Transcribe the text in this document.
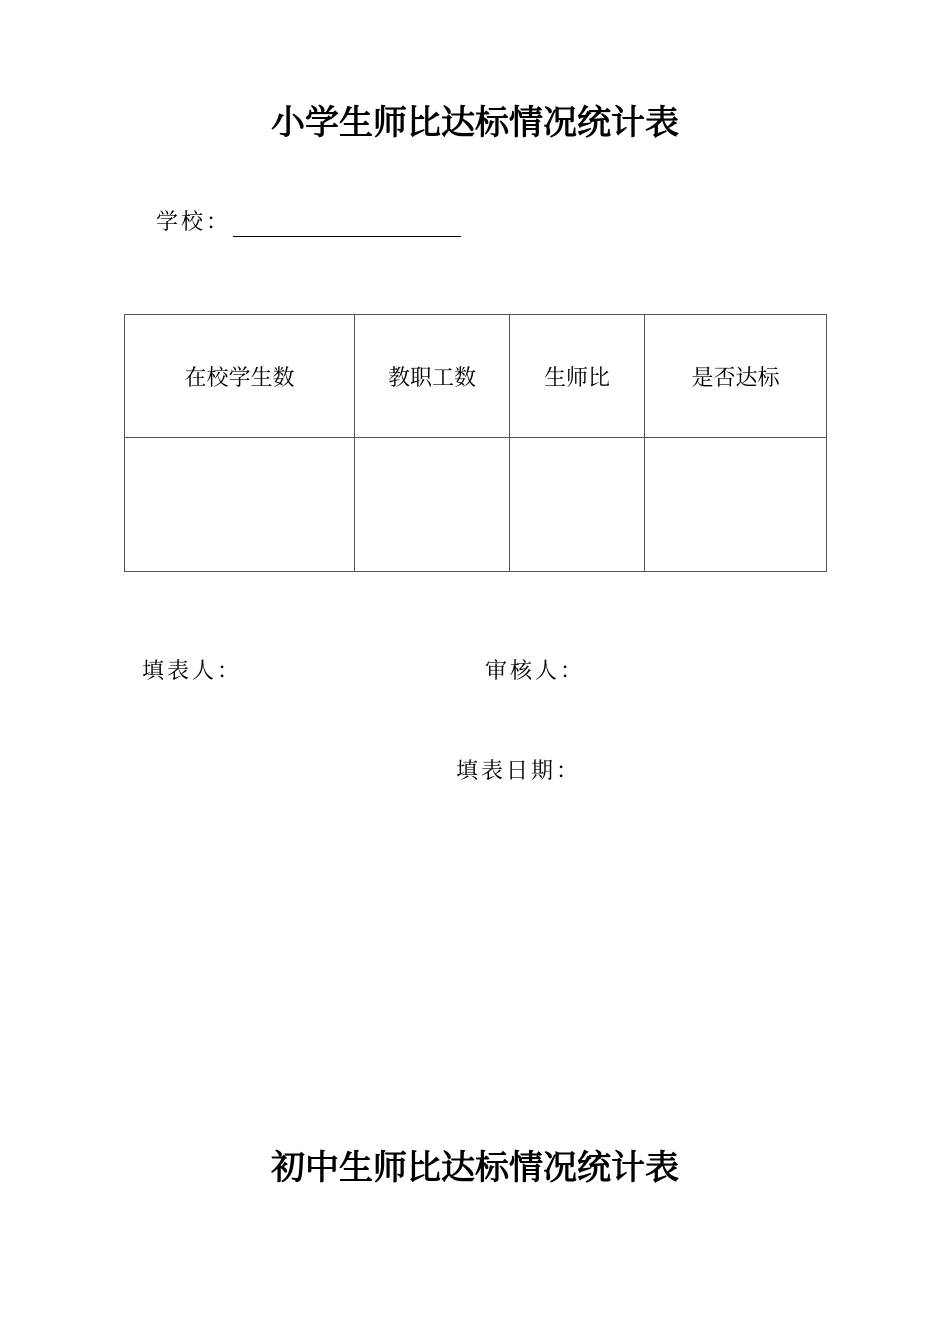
小学生师比达标情况统计表
学校：
在校学生数	教职工数	生师比	是否达标

填表人：	审核人：
填表日期：
初中生师比达标情况统计表
